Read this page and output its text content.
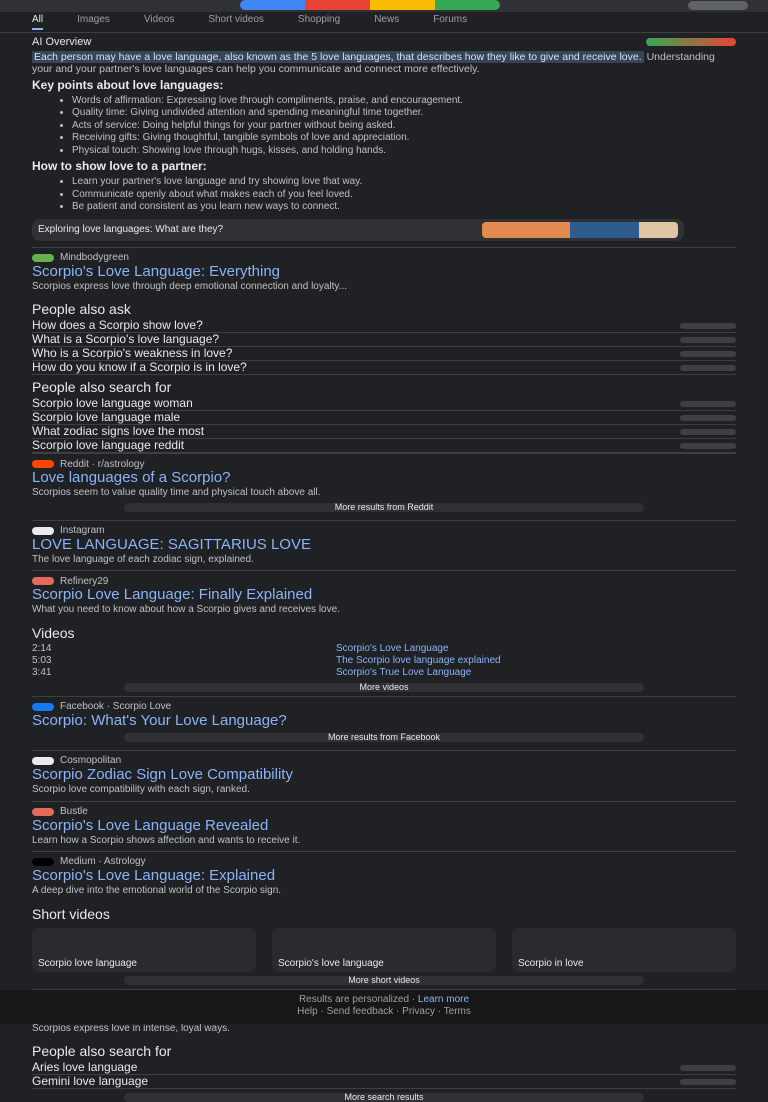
All	Images	Videos	Short videos	Shopping	News	Forums
AI Overview

Each person may have a love language, also known as the 5 love languages, that describes how they like to give and receive love. Understanding your and your partner's love languages can help you communicate and connect more effectively.

Key points about love languages:
• Words of affirmation: Expressing love through compliments, praise, and encouragement.
• Quality time: Giving undivided attention and spending meaningful time together.
• Acts of service: Doing helpful things for your partner without being asked.
• Receiving gifts: Giving thoughtful, tangible symbols of love and appreciation.
• Physical touch: Showing love through hugs, kisses, and holding hands.
How to show love to a partner:
• Learn your partner's love language and try showing love that way.
• Communicate openly about what makes each of you feel loved.
• Be patient and consistent as you learn new ways to connect.
Exploring love languages: What are they?
Mindbodygreen
Scorpio's Love Language: Everything
Scorpios express love through deep emotional connection and loyalty...
People also ask
How does a Scorpio show love?
What is a Scorpio's love language?
Who is a Scorpio's weakness in love?
How do you know if a Scorpio is in love?
People also search for
Scorpio love language woman
Scorpio love language male
What zodiac signs love the most
Scorpio love language reddit
Reddit · r/astrology
Love languages of a Scorpio?
Scorpios seem to value quality time and physical touch above all.
More results from Reddit
Instagram
LOVE LANGUAGE: SAGITTARIUS LOVE
The love language of each zodiac sign, explained.
Refinery29
Scorpio Love Language: Finally Explained
What you need to know about how a Scorpio gives and receives love.
Videos
2:14	Scorpio's Love Language
5:03	The Scorpio love language explained
3:41	Scorpio's True Love Language
More videos
Facebook · Scorpio Love
Scorpio: What's Your Love Language?
More results from Facebook
Cosmopolitan
Scorpio Zodiac Sign Love Compatibility
Scorpio love compatibility with each sign, ranked.
Bustle
Scorpio's Love Language Revealed
Learn how a Scorpio shows affection and wants to receive it.
Medium · Astrology
Scorpio's Love Language: Explained
A deep dive into the emotional world of the Scorpio sign.
Short videos
Scorpio love language	Scorpio's love language	Scorpio in love
More short videos
TikTok · Astrology
Scorpio's Love Language is Love
Scorpios express love in intense, loyal ways.
People also search for
Aries love language
Results are personalized · Learn more
Help · Send feedback · Privacy · Terms
